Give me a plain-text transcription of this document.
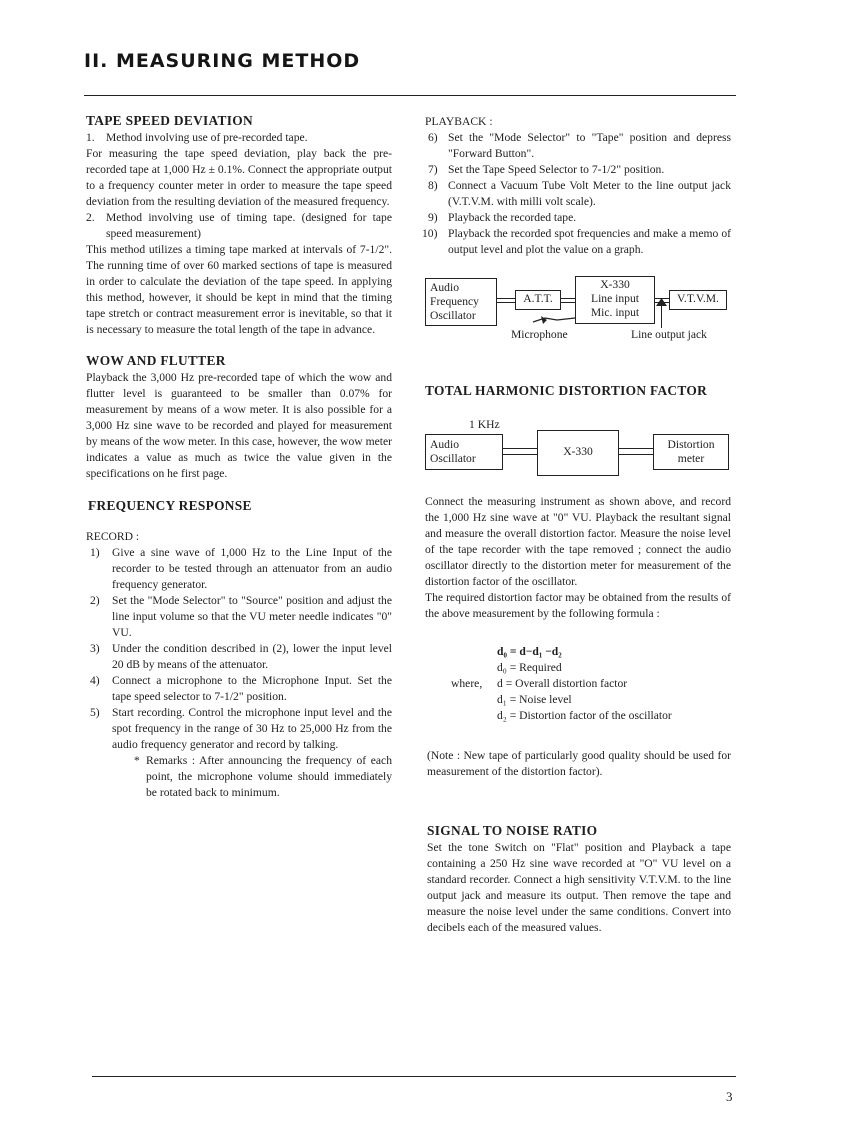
II. MEASURING METHOD
TAPE SPEED DEVIATION
1. Method involving use of pre-recorded tape.

For measuring the tape speed deviation, play back the pre-recorded tape at 1,000 Hz ± 0.1%. Connect the appropriate output to a frequency counter meter in order to measure the tape speed deviation from the resulting deviation of the measured frequency.

2. Method involving use of timing tape. (designed for tape speed measurement)

This method utilizes a timing tape marked at intervals of 7-1/2". The running time of over 60 marked sections of tape is measured in order to calculate the deviation of the tape speed. In applying this method, however, it should be kept in mind that the timing tape stretch or contract measurement error is inevitable, so that it is necessary to measure the total length of the tape in advance.

WOW AND FLUTTER

Playback the 3,000 Hz pre-recorded tape of which the wow and flutter level is guaranteed to be smaller than 0.07% for measurement by means of a wow meter. It is also possible for a 3,000 Hz sine wave to be recorded and played for measurement by means of the wow meter. In this case, however, the wow meter indicates a value as much as twice the value given in the specifications on he first page.

FREQUENCY RESPONSE

RECORD :

1)	Give a sine wave of 1,000 Hz to the Line Input of the recorder to be tested through an attenuator from an audio frequency generator.
2)	Set the "Mode Selector" to "Source" position and adjust the line input volume so that the VU meter needle indicates "0" VU.
3)	Under the condition described in (2), lower the input level 20 dB by means of the attenuator.
4)	Connect a microphone to the Microphone Input. Set the tape speed selector to 7-1/2" position.
5)	Start recording. Control the microphone input level and the spot frequency in the range of 30 Hz to 25,000 Hz from the audio frequency generator and record by talking.
* Remarks : After announcing the frequency of each point, the microphone volume should immediately be rotated back to minimum.

PLAYBACK :

6) Set the "Mode Selector" to "Tape" position and depress "Forward Button".
7) Set the Tape Speed Selector to 7-1/2" position.
8) Connect a Vacuum Tube Volt Meter to the line output jack (V.T.V.M. with milli volt scale).
9) Playback the recorded tape.
10) Playback the recorded spot frequencies and make a memo of output level and plot the value on a graph.
Audio
Frequency
Oscillator
A.T.T.
X-330
Line input
Mic. input
V.T.V.M.
Microphone	Line output jack
TOTAL HARMONIC DISTORTION FACTOR
1 KHz
Audio
Oscillator
X-330
Distortion
meter

Connect the measuring instrument as shown above, and record the 1,000 Hz sine wave at "0" VU. Playback the resultant signal and measure the overall distortion factor. Measure the noise level of the tape recorder with the tape removed ; connect the audio oscillator directly to the distortion meter for measurement of the distortion factor of the oscillator.

The required distortion factor may be obtained from the results of the above measurement by the following formula :

d₀ = d−d₁ −d₂
d₀ = Required
where, d = Overall distortion factor
d₁ = Noise level
d₂ = Distortion factor of the oscillator

(Note : New tape of particularly good quality should be used for measurement of the distortion factor).

SIGNAL TO NOISE RATIO

Set the tone Switch on "Flat" position and Playback a tape containing a 250 Hz sine wave recorded at "O" VU level on a standard recorder. Connect a high sensitivity V.T.V.M. to the line output jack and measure its output. Then remove the tape and measure the noise level under the same conditions. Convert into decibels each of the measured values.

3
